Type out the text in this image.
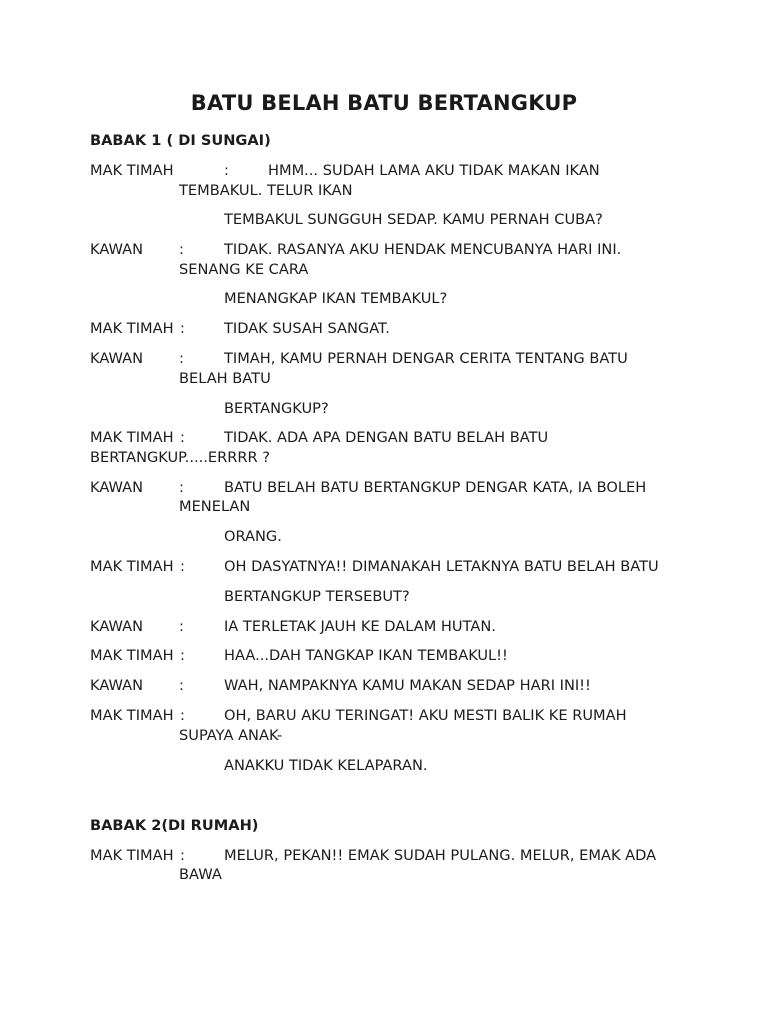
BATU BELAH BATU BERTANGKUP
BABAK 1 ( DI SUNGAI)
MAK TIMAH	:	HMM... SUDAH LAMA AKU TIDAK MAKAN IKAN
TEMBAKUL. TELUR IKAN
TEMBAKUL SUNGGUH SEDAP. KAMU PERNAH CUBA?
KAWAN :	TIDAK. RASANYA AKU HENDAK MENCUBANYA HARI INI.
SENANG KE CARA
MENANGKAP IKAN TEMBAKUL?
MAK TIMAH :	TIDAK SUSAH SANGAT.
KAWAN :	TIMAH, KAMU PERNAH DENGAR CERITA TENTANG BATU
BELAH BATU
BERTANGKUP?
MAK TIMAH :	TIDAK. ADA APA DENGAN BATU BELAH BATU
BERTANGKUP.....ERRRR ?
KAWAN :	BATU BELAH BATU BERTANGKUP DENGAR KATA, IA BOLEH
MENELAN
ORANG.
MAK TIMAH :	OH DASYATNYA!! DIMANAKAH LETAKNYA BATU BELAH BATU
BERTANGKUP TERSEBUT?
KAWAN :	IA TERLETAK JAUH KE DALAM HUTAN.
MAK TIMAH :	HAA...DAH TANGKAP IKAN TEMBAKUL!!
KAWAN :	WAH, NAMPAKNYA KAMU MAKAN SEDAP HARI INI!!
MAK TIMAH :	OH, BARU AKU TERINGAT! AKU MESTI BALIK KE RUMAH
SUPAYA ANAK-
ANAKKU TIDAK KELAPARAN.
BABAK 2(DI RUMAH)
MAK TIMAH :	MELUR, PEKAN!! EMAK SUDAH PULANG. MELUR, EMAK ADA
BAWA
